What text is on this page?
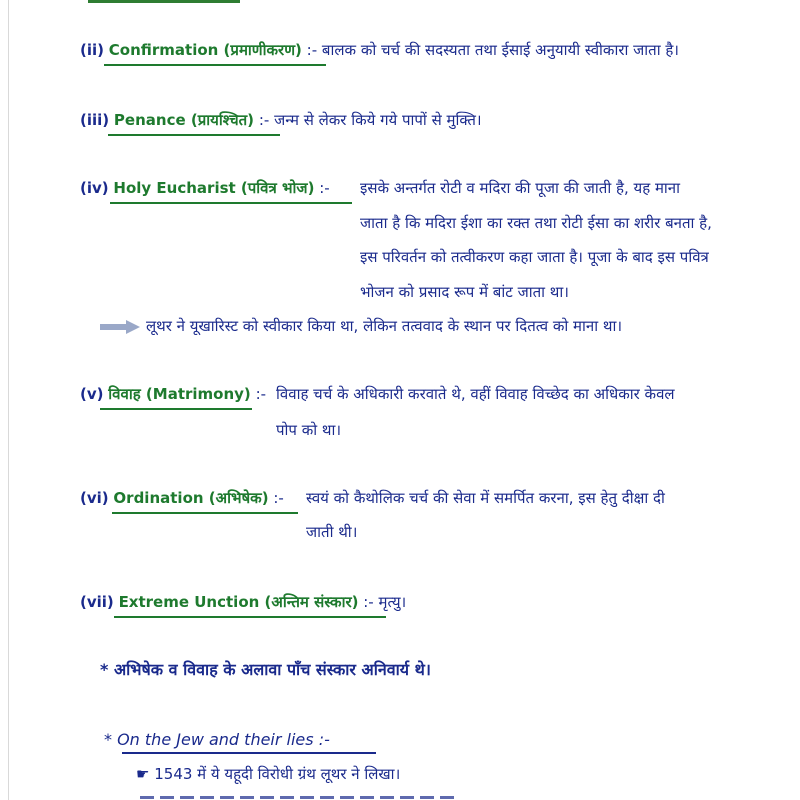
(ii) Confirmation (प्रमाणीकरण) :- बालक को चर्च की सदस्यता तथा ईसाई अनुयायी स्वीकारा जाता है।
(iii) Penance (प्रायश्चित) :- जन्म से लेकर किये गये पापों से मुक्ति।
(iv) Holy Eucharist (पवित्र भोज) :- इसके अन्तर्गत रोटी व मदिरा की पूजा की जाती है, यह माना
जाता है कि मदिरा ईशा का रक्त तथा रोटी ईसा का शरीर बनता है,
इस परिवर्तन को तत्वीकरण कहा जाता है। पूजा के बाद इस पवित्र
भोजन को प्रसाद रूप में बांट जाता था।
लूथर ने यूखारिस्ट को स्वीकार किया था, लेकिन तत्ववाद के स्थान पर दितत्व को माना था।
(v) विवाह (Matrimony) :- विवाह चर्च के अधिकारी करवाते थे, वहीं विवाह विच्छेद का अधिकार केवल
पोप को था।
(vi) Ordination (अभिषेक) :- स्वयं को कैथोलिक चर्च की सेवा में समर्पित करना, इस हेतु दीक्षा दी
जाती थी।
(vii) Extreme Unction (अन्तिम संस्कार) :- मृत्यु।
* अभिषेक व विवाह के अलावा पाँच संस्कार अनिवार्य थे।
* On the Jew and their lies :-
☛ 1543 में ये यहूदी विरोधी ग्रंथ लूथर ने लिखा।
